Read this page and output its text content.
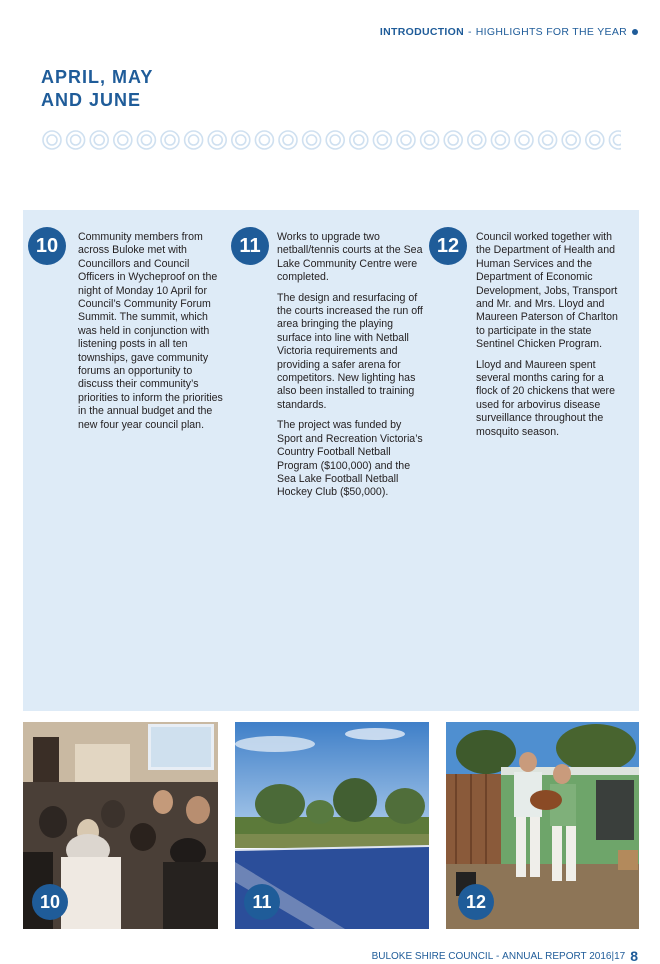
INTRODUCTION - HIGHLIGHTS FOR THE YEAR
APRIL, MAY
AND JUNE
10	Community members from across Buloke met with Councillors and Council Officers in Wycheproof on the night of Monday 10 April for Council’s Community Forum Summit. The summit, which was held in conjunction with listening posts in all ten townships, gave community forums an opportunity to discuss their community’s priorities to inform the priorities in the annual budget and the new four year council plan.

11	Works to upgrade two netball/tennis courts at the Sea Lake Community Centre were completed.

The design and resurfacing of the courts increased the run off area bringing the playing surface into line with Netball Victoria requirements and providing a safer arena for competitors. New lighting has also been installed to training standards.

The project was funded by Sport and Recreation Victoria’s Country Football Netball Program ($100,000) and the Sea Lake Football Netball Hockey Club ($50,000).

12	Council worked together with the Department of Health and Human Services and the Department of Economic Development, Jobs, Transport and Mr. and Mrs. Lloyd and Maureen Paterson of Charlton to participate in the state Sentinel Chicken Program.

Lloyd and Maureen spent several months caring for a flock of 20 chickens that were used for arbovirus disease surveillance throughout the mosquito season.

10	11	12
BULOKE SHIRE COUNCIL - ANNUAL REPORT 2016|17 8
